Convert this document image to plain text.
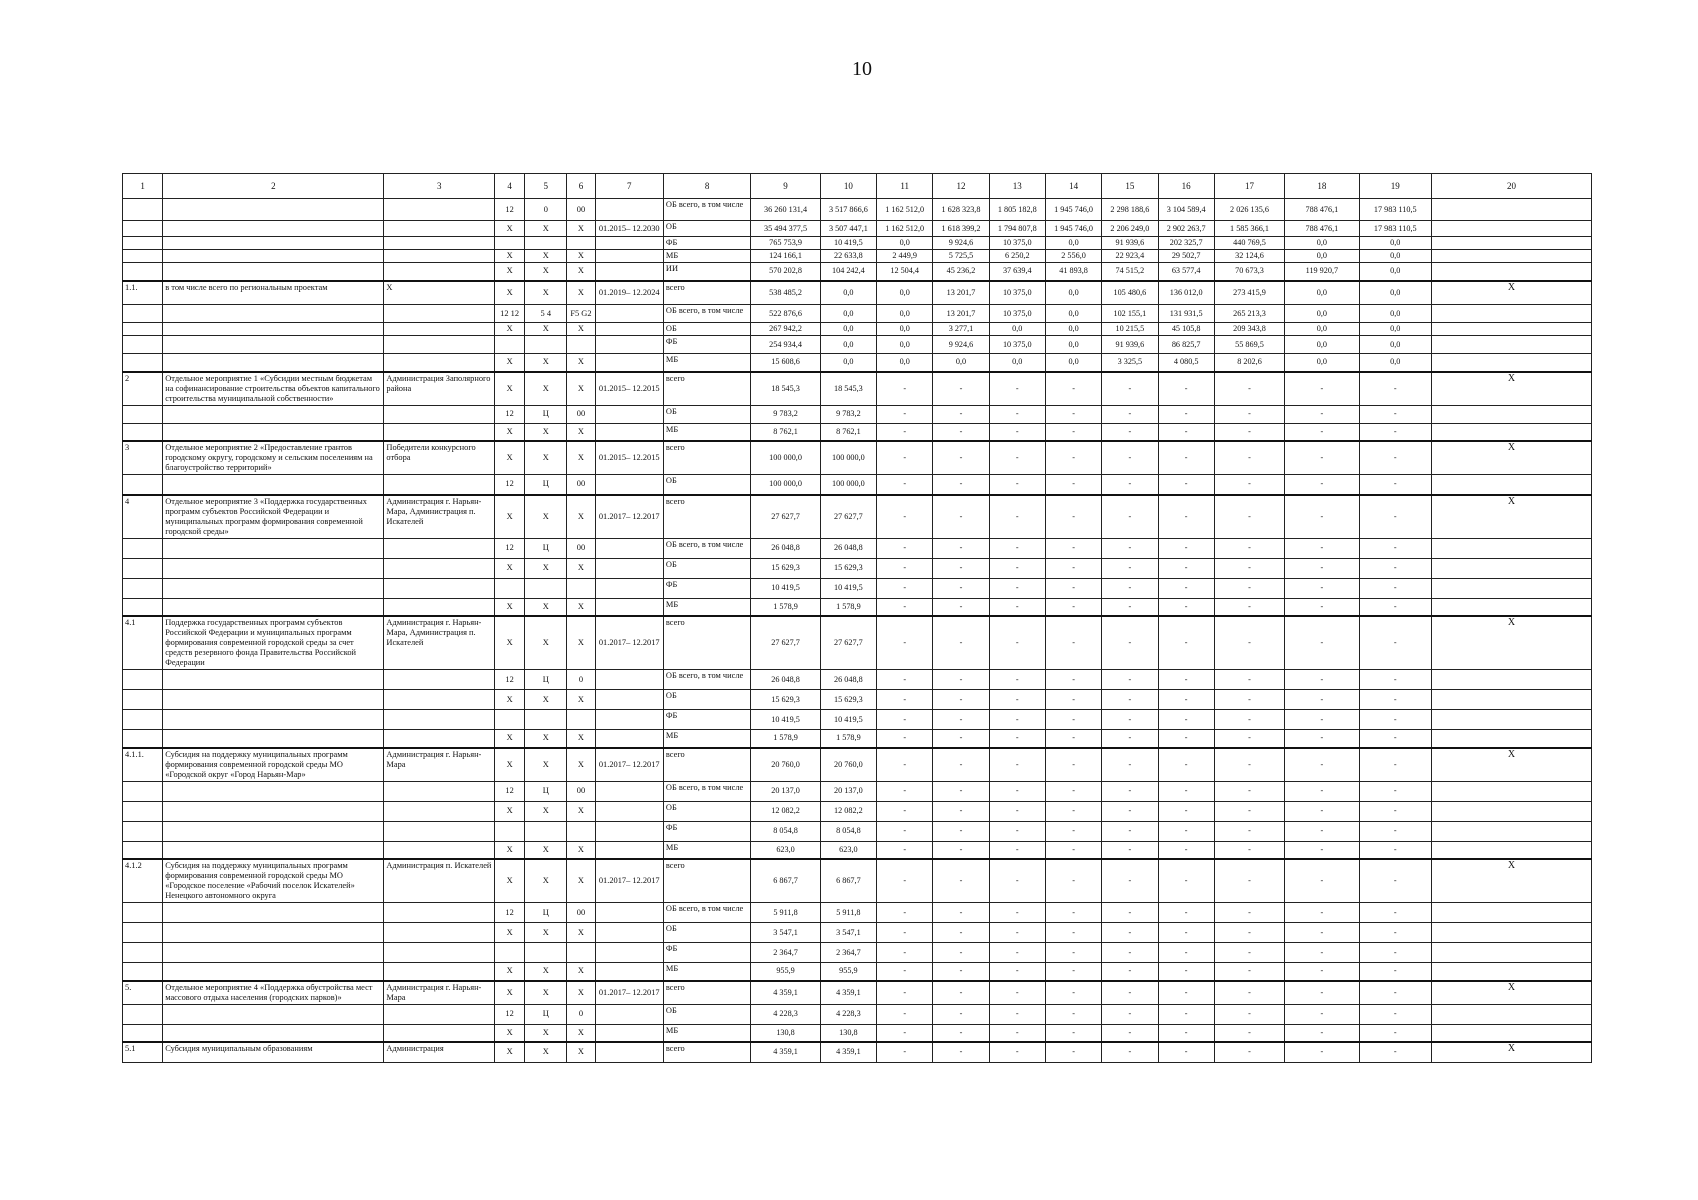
10
1	2	3	4	5	6	7	8	9	10	11	12	13	14	15	16	17	18	19	20
			12	0	00		ОБ всего, в том числе	36 260 131,4	3 517 866,6	1 162 512,0	1 628 323,8	1 805 182,8	1 945 746,0	2 298 188,6	3 104 589,4	2 026 135,6	788 476,1	17 983 110,5	
			Х	Х	Х	01.2015– 12.2030	ОБ	35 494 377,5	3 507 447,1	1 162 512,0	1 618 399,2	1 794 807,8	1 945 746,0	2 206 249,0	2 902 263,7	1 585 366,1	788 476,1	17 983 110,5	
							ФБ	765 753,9	10 419,5	0,0	9 924,6	10 375,0	0,0	91 939,6	202 325,7	440 769,5	0,0	0,0	
			Х	Х	Х		МБ	124 166,1	22 633,8	2 449,9	5 725,5	6 250,2	2 556,0	22 923,4	29 502,7	32 124,6	0,0	0,0	
			Х	Х	Х		ИИ	570 202,8	104 242,4	12 504,4	45 236,2	37 639,4	41 893,8	74 515,2	63 577,4	70 673,3	119 920,7	0,0	
1.1.	в том числе всего по региональным проектам	Х	Х	Х	Х	01.2019– 12.2024	всего	538 485,2	0,0	0,0	13 201,7	10 375,0	0,0	105 480,6	136 012,0	273 415,9	0,0	0,0	Х
			12 12	5 4	F5 G2		ОБ всего, в том числе	522 876,6	0,0	0,0	13 201,7	10 375,0	0,0	102 155,1	131 931,5	265 213,3	0,0	0,0	
			Х	Х	Х		ОБ	267 942,2	0,0	0,0	3 277,1	0,0	0,0	10 215,5	45 105,8	209 343,8	0,0	0,0	
							ФБ	254 934,4	0,0	0,0	9 924,6	10 375,0	0,0	91 939,6	86 825,7	55 869,5	0,0	0,0	
			Х	Х	Х		МБ	15 608,6	0,0	0,0	0,0	0,0	0,0	3 325,5	4 080,5	8 202,6	0,0	0,0	
2	Отдельное мероприятие 1 «Субсидии местным бюджетам на софинансирование строительства объектов капитального строительства муниципальной собственности»	Администрация Заполярного района	Х	Х	Х	01.2015– 12.2015	всего	18 545,3	18 545,3	-	-	-	-	-	-	-	-	-	Х
			12	Ц	00		ОБ	9 783,2	9 783,2	-	-	-	-	-	-	-	-	-	
			Х	Х	Х		МБ	8 762,1	8 762,1	-	-	-	-	-	-	-	-	-	
3	Отдельное мероприятие 2 «Предоставление грантов городскому округу, городскому и сельским поселениям на благоустройство территорий»	Победители конкурсного отбора	Х	Х	Х	01.2015– 12.2015	всего	100 000,0	100 000,0	-	-	-	-	-	-	-	-	-	Х
			12	Ц	00		ОБ	100 000,0	100 000,0	-	-	-	-	-	-	-	-	-	
4	Отдельное мероприятие 3 «Поддержка государственных программ субъектов Российской Федерации и муниципальных программ формирования современной городской среды»	Администрация г. Нарьян-Мара, Администрация п. Искателей	Х	Х	Х	01.2017– 12.2017	всего	27 627,7	27 627,7	-	-	-	-	-	-	-	-	-	Х
			12	Ц	00		ОБ всего, в том числе	26 048,8	26 048,8	-	-	-	-	-	-	-	-	-	
			Х	Х	Х		ОБ	15 629,3	15 629,3	-	-	-	-	-	-	-	-	-	
							ФБ	10 419,5	10 419,5	-	-	-	-	-	-	-	-	-	
			Х	Х	Х		МБ	1 578,9	1 578,9	-	-	-	-	-	-	-	-	-	
4.1	Поддержка государственных программ субъектов Российской Федерации и муниципальных программ формирования современной городской среды за счет средств резервного фонда Правительства Российской Федерации	Администрация г. Нарьян-Мара, Администрация п. Искателей	Х	Х	Х	01.2017– 12.2017	всего	27 627,7	27 627,7	-	-	-	-	-	-	-	-	-	Х
			12	Ц	0		ОБ всего, в том числе	26 048,8	26 048,8	-	-	-	-	-	-	-	-	-	
			Х	Х	Х		ОБ	15 629,3	15 629,3	-	-	-	-	-	-	-	-	-	
							ФБ	10 419,5	10 419,5	-	-	-	-	-	-	-	-	-	
			Х	Х	Х		МБ	1 578,9	1 578,9	-	-	-	-	-	-	-	-	-	
4.1.1.	Субсидия на поддержку муниципальных программ формирования современной городской среды МО «Городской округ «Город Нарьян-Мар»	Администрация г. Нарьян-Мара	Х	Х	Х	01.2017– 12.2017	всего	20 760,0	20 760,0	-	-	-	-	-	-	-	-	-	Х
			12	Ц	00		ОБ всего, в том числе	20 137,0	20 137,0	-	-	-	-	-	-	-	-	-	
			Х	Х	Х		ОБ	12 082,2	12 082,2	-	-	-	-	-	-	-	-	-	
							ФБ	8 054,8	8 054,8	-	-	-	-	-	-	-	-	-	
			Х	Х	Х		МБ	623,0	623,0	-	-	-	-	-	-	-	-	-	
4.1.2	Субсидия на поддержку муниципальных программ формирования современной городской среды МО «Городское поселение «Рабочий поселок Искателей» Ненецкого автономного округа	Администрация п. Искателей	Х	Х	Х	01.2017– 12.2017	всего	6 867,7	6 867,7	-	-	-	-	-	-	-	-	-	Х
			12	Ц	00		ОБ всего, в том числе	5 911,8	5 911,8	-	-	-	-	-	-	-	-	-	
			Х	Х	Х		ОБ	3 547,1	3 547,1	-	-	-	-	-	-	-	-	-	
							ФБ	2 364,7	2 364,7	-	-	-	-	-	-	-	-	-	
			Х	Х	Х		МБ	955,9	955,9	-	-	-	-	-	-	-	-	-	
5.	Отдельное мероприятие 4 «Поддержка обустройства мест массового отдыха населения (городских парков)»	Администрация г. Нарьян-Мара	Х	Х	Х	01.2017– 12.2017	всего	4 359,1	4 359,1	-	-	-	-	-	-	-	-	-	Х
			12	Ц	0		ОБ	4 228,3	4 228,3	-	-	-	-	-	-	-	-	-	
			Х	Х	Х		МБ	130,8	130,8	-	-	-	-	-	-	-	-	-	
5.1	Субсидия муниципальным образованиям	Администрация	Х	Х	Х		всего	4 359,1	4 359,1	-	-	-	-	-	-	-	-	-	Х
